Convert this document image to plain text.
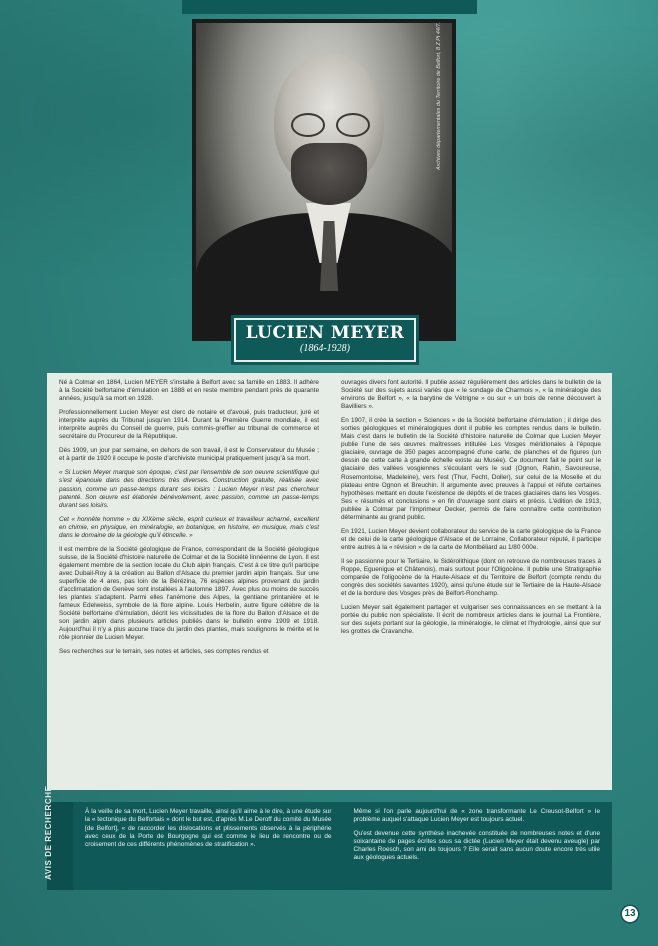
Archives départementales du Territoire de Belfort, 8 Z Pt 44/7.
LUCIEN MEYER
(1864-1928)

Né à Colmar en 1864, Lucien MEYER s'installe à Belfort avec sa famille en 1883. Il adhère à la Société belfortaine d'émulation en 1888 et en reste membre pendant près de quarante années, jusqu'à sa mort en 1928.

Professionnellement Lucien Meyer est clerc de notaire et d'avoué, puis traducteur, juré et interprète auprès du Tribunal jusqu'en 1914. Durant la Première Guerre mondiale, il est interprète auprès du Conseil de guerre, puis commis-greffier au tribunal de commerce et secrétaire du Procureur de la République.

Dès 1909, un jour par semaine, en dehors de son travail, il est le Conservateur du Musée ; et à partir de 1920 il occupe le poste d'archiviste municipal pratiquement jusqu'à sa mort.

« Si Lucien Meyer marque son époque, c'est par l'ensemble de son oeuvre scientifique qui s'est épanouie dans des directions très diverses. Construction gratuite, réalisée avec passion, comme un passe-temps durant ses loisirs : Lucien Meyer n'est pas chercheur patenté. Son œuvre est élaborée bénévolement, avec passion, comme un passe-temps durant ses loisirs.

Cet « honnête homme » du XIXème siècle, esprit curieux et travailleur acharné, excellent en chimie, en physique, en minéralogie, en botanique, en histoire, en musique, mais c'est dans le domaine de la géologie qu'il étincelle. »

Il est membre de la Société géologique de France, correspondant de la Société géologique suisse, de la Société d'histoire naturelle de Colmar et de la Société linnéenne de Lyon. Il est également membre de la section locale du Club alpin français. C'est à ce titre qu'il participe avec Dubail-Roy à la création au Ballon d'Alsace du premier jardin alpin français. Sur une superficie de 4 ares, pas loin de la Bérézina, 76 espèces alpines provenant du jardin d'acclimatation de Genève sont installées à l'automne 1897. Avec plus ou moins de succès les plantes s'adaptent. Parmi elles l'anémone des Alpes, la gentiane printanière et le fameux Edelweiss, symbole de la flore alpine. Louis Herbelin, autre figure célèbre de la Société belfortaine d'émulation, décrit les vicissitudes de la flore du Ballon d'Alsace et de son jardin alpin dans plusieurs articles publiés dans le bulletin entre 1909 et 1918. Aujourd'hui il n'y a plus aucune trace du jardin des plantes, mais soulignons le mérite et le rôle pionnier de Lucien Meyer.

Ses recherches sur le terrain, ses notes et articles, ses comptes rendus et

ouvrages divers font autorité. Il publie assez régulièrement des articles dans le bulletin de la Société sur des sujets aussi variés que « le sondage de Charmois », « la minéralogie des environs de Belfort », « la barytine de Vétrigne » ou sur « un bois de renne découvert à Bavilliers ».

En 1907, il crée la section « Sciences » de la Société belfortaine d'émulation ; il dirige des sorties géologiques et minéralogiques dont il publie les comptes rendus dans le bulletin. Mais c'est dans le bulletin de la Société d'histoire naturelle de Colmar que Lucien Meyer publie l'une de ses œuvres maîtresses intitulée Les Vosges méridionales à l'époque glaciaire, ouvrage de 350 pages accompagné d'une carte, de planches et de figures (un dessin de cette carte à grande échelle existe au Musée). Ce document fait le point sur le glaciaire des vallées vosgiennes s'écoulant vers le sud (Ognon, Rahin, Savoureuse, Rosemontoise, Madeleine), vers l'est (Thur, Fecht, Doller), sur celui de la Moselle et du plateau entre Ognon et Breuchin. Il argumente avec preuves à l'appui et réfute certaines hypothèses mettant en doute l'existence de dépôts et de traces glaciaires dans les Vosges. Ses « résumés et conclusions » en fin d'ouvrage sont clairs et précis. L'édition de 1913, publiée à Colmar par l'imprimeur Decker, permis de faire connaître cette contribution déterminante au grand public.

En 1921, Lucien Meyer devient collaborateur du service de la carte géologique de la France et de celui de la carte géologique d'Alsace et de Lorraine. Collaborateur réputé, il participe entre autres à la « révision » de la carte de Montbéliard au 1/80 000e.

Il se passionne pour le Tertiaire, le Sidérolithique (dont on retrouve de nombreuses traces à Roppe, Eguenigue et Châtenois), mais surtout pour l'Oligocène. Il publie une Stratigraphie comparée de l'oligocène de la Haute-Alsace et du Territoire de Belfort (compte rendu du congrès des sociétés savantes 1920), ainsi qu'une étude sur le Tertiaire de la Haute-Alsace et de la bordure des Vosges près de Belfort-Ronchamp.

Lucien Meyer sait également partager et vulgariser ses connaissances en se mettant à la portée du public non spécialiste. Il écrit de nombreux articles dans le journal La Frontière, sur des sujets portant sur la géologie, la minéralogie, le climat et l'hydrologie, ainsi que sur les grottes de Cravanche.

AVIS DE RECHERCHE	À la veille de sa mort, Lucien Meyer travaille, ainsi qu'il aime à le dire, à une étude sur la « tectonique du Belfortais » dont le but est, d'après M.Le Deroff du comité du Musée [de Belfort], « de raccorder les dislocations et plissements observés à la périphérie avec ceux de la Porte de Bourgogne qui est comme le lieu de rencontre ou de croisement de ces différents phénomènes de stratification ».

Même si l'on parle aujourd'hui de « zone transformante Le Creusot-Belfort » le problème auquel s'attaque Lucien Meyer est toujours actuel.

Qu'est devenue cette synthèse inachevée constituée de nombreuses notes et d'une soixantaine de pages écrites sous sa dictée (Lucien Meyer était devenu aveugle) par Charles Roesch, son ami de toujours ? Elle serait sans aucun doute encore très utile aux géologues actuels.

13
